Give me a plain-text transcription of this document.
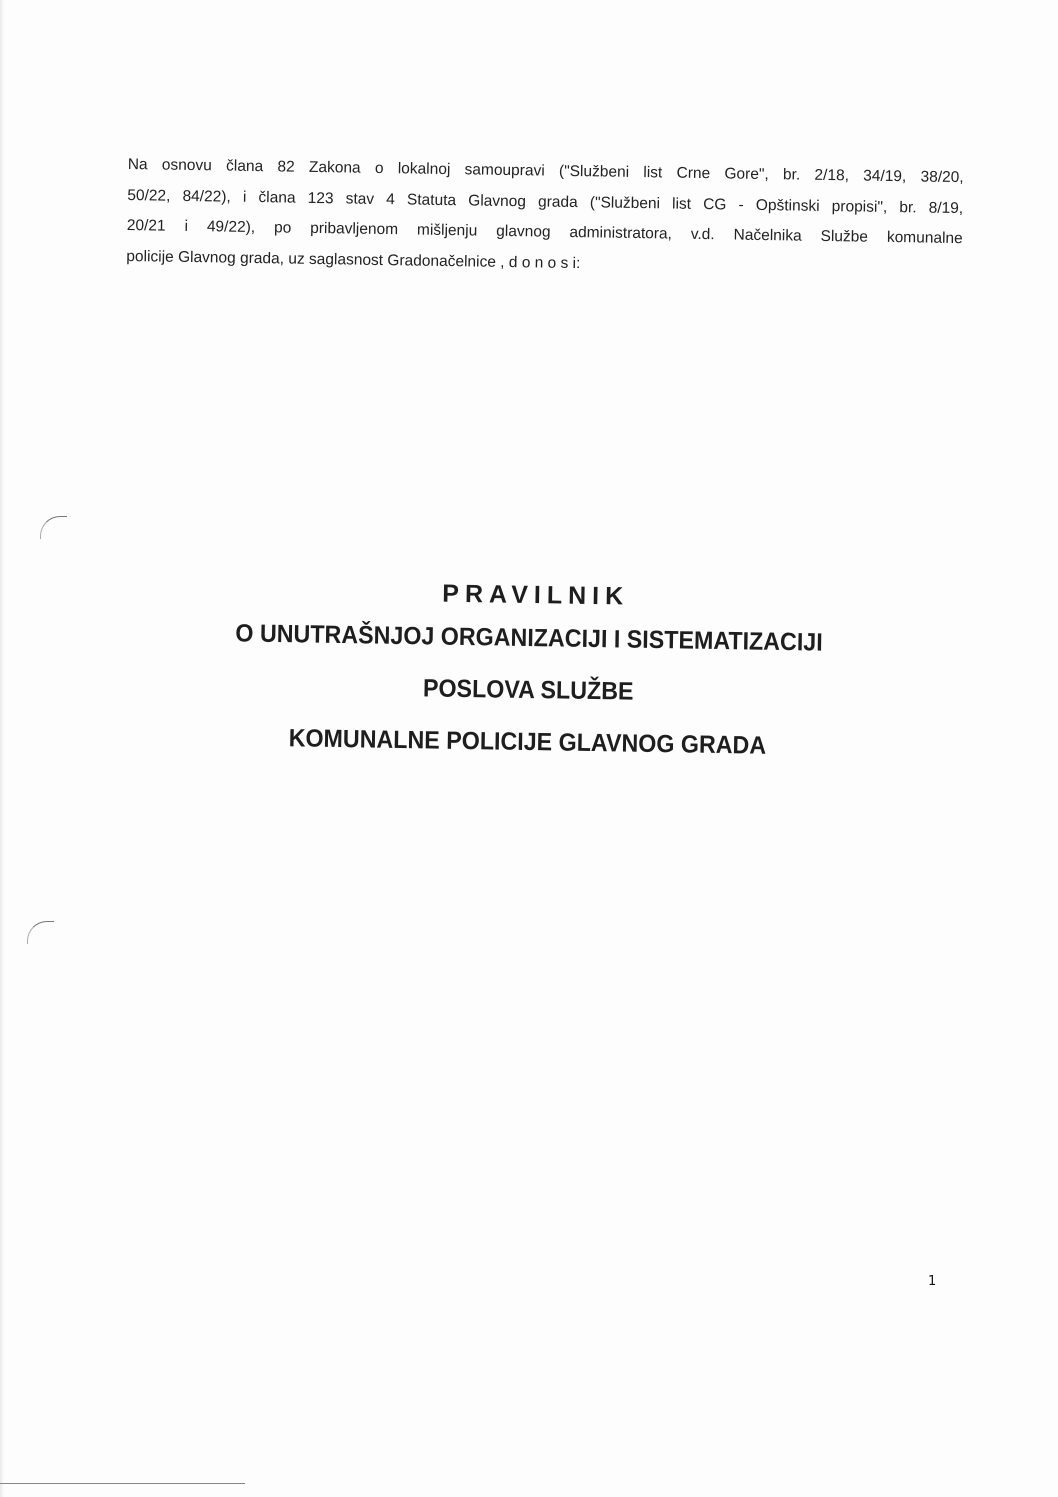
Na osnovu člana 82 Zakona o lokalnoj samoupravi ("Službeni list Crne Gore", br. 2/18, 34/19, 38/20,
50/22, 84/22), i člana 123 stav 4 Statuta Glavnog grada ("Službeni list CG - Opštinski propisi", br. 8/19,
20/21 i 49/22), po pribavljenom mišljenju glavnog administratora, v.d. Načelnika Službe komunalne
policije Glavnog grada, uz saglasnost Gradonačelnice , d o n o s i:
PRAVILNIK
O UNUTRAŠNJOJ ORGANIZACIJI I SISTEMATIZACIJI
POSLOVA SLUŽBE
KOMUNALNE POLICIJE GLAVNOG GRADA
1
